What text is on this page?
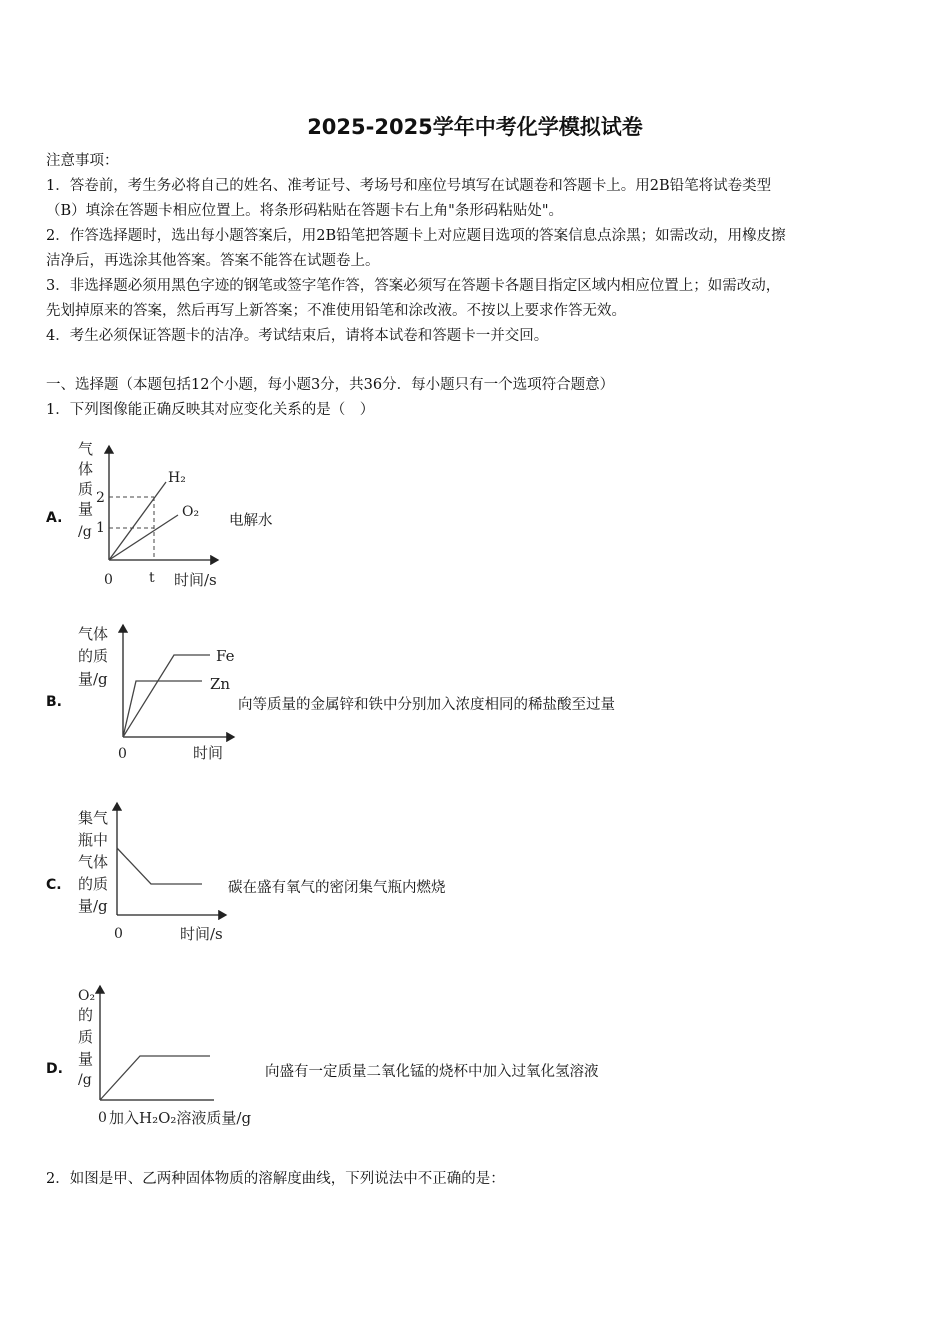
2025-2025学年中考化学模拟试卷
注意事项：
1．答卷前，考生务必将自己的姓名、准考证号、考场号和座位号填写在试题卷和答题卡上。用2B铅笔将试卷类型
（B）填涂在答题卡相应位置上。将条形码粘贴在答题卡右上角"条形码粘贴处"。
2．作答选择题时，选出每小题答案后，用2B铅笔把答题卡上对应题目选项的答案信息点涂黑；如需改动，用橡皮擦
洁净后，再选涂其他答案。答案不能答在试题卷上。
3．非选择题必须用黑色字迹的钢笔或签字笔作答，答案必须写在答题卡各题目指定区域内相应位置上；如需改动，
先划掉原来的答案，然后再写上新答案；不准使用铅笔和涂改液。不按以上要求作答无效。
4．考生必须保证答题卡的洁净。考试结束后，请将本试卷和答题卡一并交回。
一、选择题（本题包括12个小题，每小题3分，共36分．每小题只有一个选项符合题意）
1．下列图像能正确反映其对应变化关系的是（　）
A.
气
体
质
量
/g
2
1
H₂
O₂
0	t 时间/s
电解水
B.
气体
的质
量/g
Fe
Zn
0	时间
向等质量的金属锌和铁中分别加入浓度相同的稀盐酸至过量
C.
集气
瓶中
气体
的质
量/g
0	时间/s
碳在盛有氧气的密闭集气瓶内燃烧
D.
O₂
的
质
量
/g
0 加入H₂O₂溶液质量/g
向盛有一定质量二氧化锰的烧杯中加入过氧化氢溶液
2．如图是甲、乙两种固体物质的溶解度曲线，下列说法中不正确的是：
